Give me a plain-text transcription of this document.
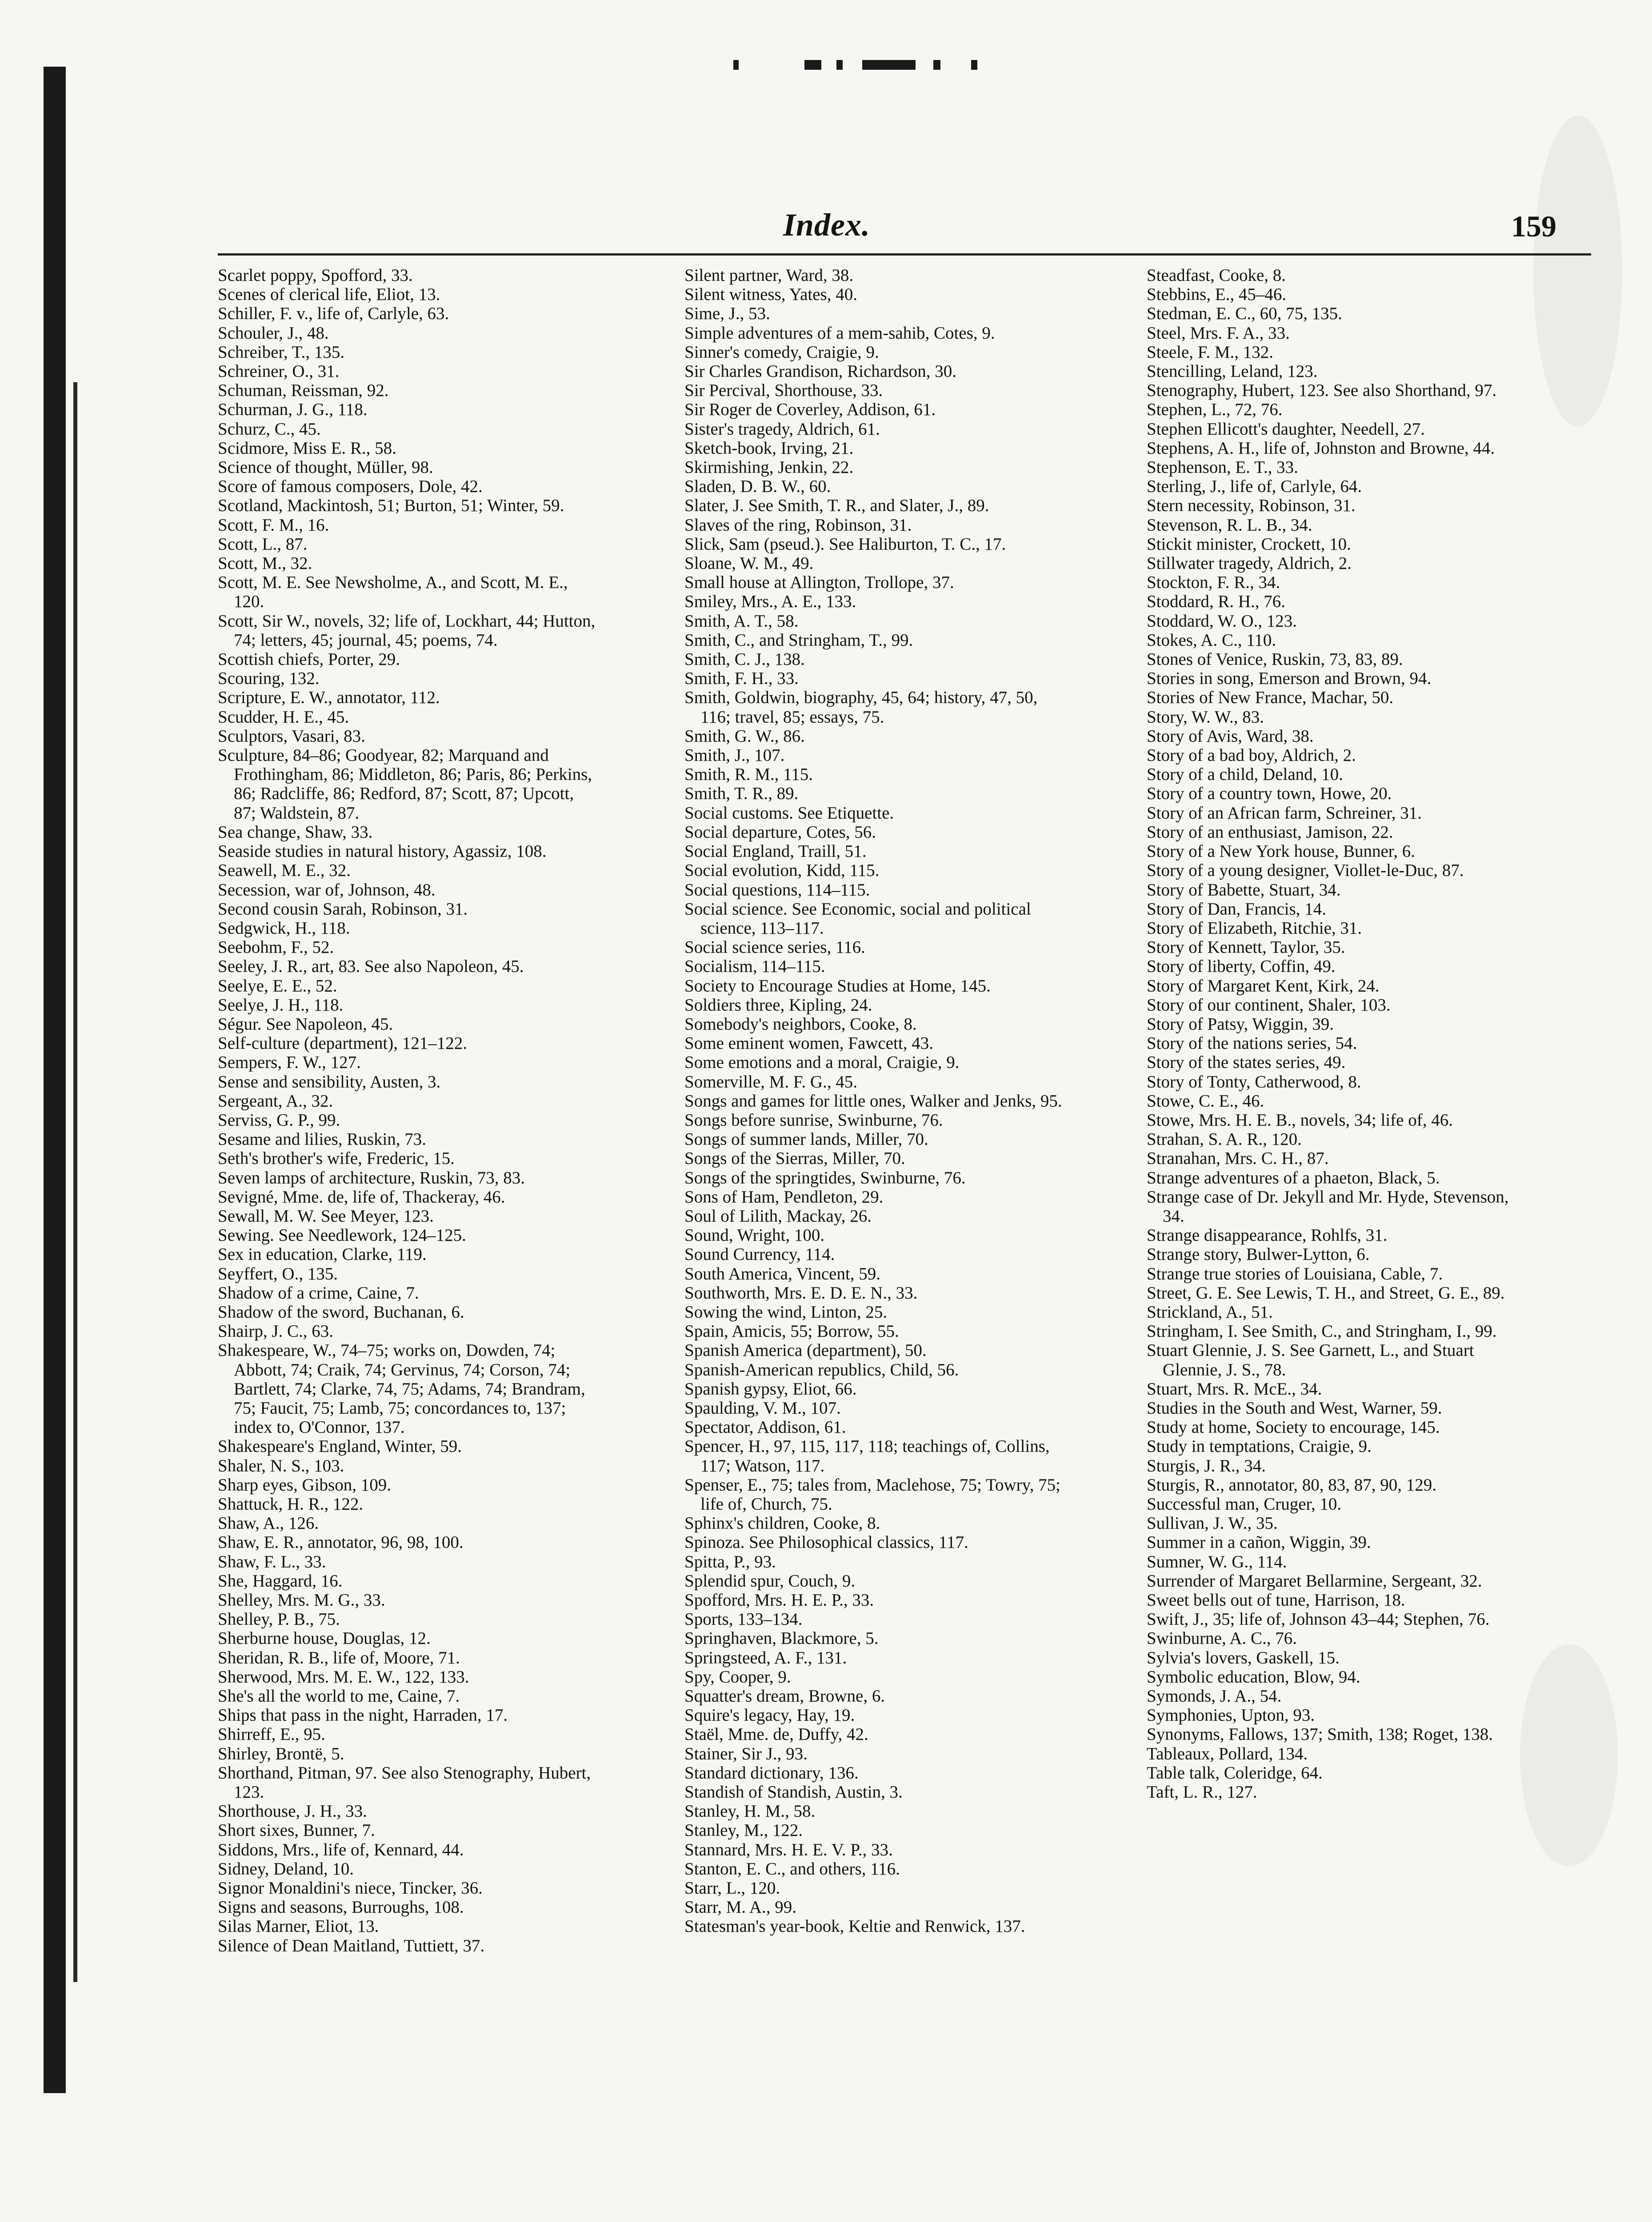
Index.	159

Scarlet poppy, Spofford, 33.

Scenes of clerical life, Eliot, 13.

Schiller, F. v., life of, Carlyle, 63.

Schouler, J., 48.

Schreiber, T., 135.

Schreiner, O., 31.

Schuman, Reissman, 92.

Schurman, J. G., 118.

Schurz, C., 45.

Scidmore, Miss E. R., 58.

Science of thought, Müller, 98.

Score of famous composers, Dole, 42.

Scotland, Mackintosh, 51; Burton, 51; Winter, 59.

Scott, F. M., 16.

Scott, L., 87.

Scott, M., 32.

Scott, M. E. See Newsholme, A., and Scott, M. E., 120.

Scott, Sir W., novels, 32; life of, Lockhart, 44; Hutton, 74; letters, 45; journal, 45; poems, 74.

Scottish chiefs, Porter, 29.

Scouring, 132.

Scripture, E. W., annotator, 112.

Scudder, H. E., 45.

Sculptors, Vasari, 83.

Sculpture, 84–86; Goodyear, 82; Marquand and Frothingham, 86; Middleton, 86; Paris, 86; Perkins, 86; Radcliffe, 86; Redford, 87; Scott, 87; Upcott, 87; Waldstein, 87.

Sea change, Shaw, 33.

Seaside studies in natural history, Agassiz, 108.

Seawell, M. E., 32.

Secession, war of, Johnson, 48.

Second cousin Sarah, Robinson, 31.

Sedgwick, H., 118.

Seebohm, F., 52.

Seeley, J. R., art, 83. See also Napoleon, 45.

Seelye, E. E., 52.

Seelye, J. H., 118.

Ségur. See Napoleon, 45.

Self-culture (department), 121–122.

Sempers, F. W., 127.

Sense and sensibility, Austen, 3.

Sergeant, A., 32.

Serviss, G. P., 99.

Sesame and lilies, Ruskin, 73.

Seth's brother's wife, Frederic, 15.

Seven lamps of architecture, Ruskin, 73, 83.

Sevigné, Mme. de, life of, Thackeray, 46.

Sewall, M. W. See Meyer, 123.

Sewing. See Needlework, 124–125.

Sex in education, Clarke, 119.

Seyffert, O., 135.

Shadow of a crime, Caine, 7.

Shadow of the sword, Buchanan, 6.

Shairp, J. C., 63.

Shakespeare, W., 74–75; works on, Dowden, 74; Abbott, 74; Craik, 74; Gervinus, 74; Corson, 74; Bartlett, 74; Clarke, 74, 75; Adams, 74; Brandram, 75; Faucit, 75; Lamb, 75; concordances to, 137; index to, O'Connor, 137.

Shakespeare's England, Winter, 59.

Shaler, N. S., 103.

Sharp eyes, Gibson, 109.

Shattuck, H. R., 122.

Shaw, A., 126.

Shaw, E. R., annotator, 96, 98, 100.

Shaw, F. L., 33.

She, Haggard, 16.

Shelley, Mrs. M. G., 33.

Shelley, P. B., 75.

Sherburne house, Douglas, 12.

Sheridan, R. B., life of, Moore, 71.

Sherwood, Mrs. M. E. W., 122, 133.

She's all the world to me, Caine, 7.

Ships that pass in the night, Harraden, 17.

Shirreff, E., 95.

Shirley, Brontë, 5.

Shorthand, Pitman, 97. See also Stenography, Hubert, 123.

Shorthouse, J. H., 33.

Short sixes, Bunner, 7.

Siddons, Mrs., life of, Kennard, 44.

Sidney, Deland, 10.

Signor Monaldini's niece, Tincker, 36.

Signs and seasons, Burroughs, 108.

Silas Marner, Eliot, 13.

Silence of Dean Maitland, Tuttiett, 37.

Silent partner, Ward, 38.

Silent witness, Yates, 40.

Sime, J., 53.

Simple adventures of a mem-sahib, Cotes, 9.

Sinner's comedy, Craigie, 9.

Sir Charles Grandison, Richardson, 30.

Sir Percival, Shorthouse, 33.

Sir Roger de Coverley, Addison, 61.

Sister's tragedy, Aldrich, 61.

Sketch-book, Irving, 21.

Skirmishing, Jenkin, 22.

Sladen, D. B. W., 60.

Slater, J. See Smith, T. R., and Slater, J., 89.

Slaves of the ring, Robinson, 31.

Slick, Sam (pseud.). See Haliburton, T. C., 17.

Sloane, W. M., 49.

Small house at Allington, Trollope, 37.

Smiley, Mrs., A. E., 133.

Smith, A. T., 58.

Smith, C., and Stringham, T., 99.

Smith, C. J., 138.

Smith, F. H., 33.

Smith, Goldwin, biography, 45, 64; history, 47, 50, 116; travel, 85; essays, 75.

Smith, G. W., 86.

Smith, J., 107.

Smith, R. M., 115.

Smith, T. R., 89.

Social customs. See Etiquette.

Social departure, Cotes, 56.

Social England, Traill, 51.

Social evolution, Kidd, 115.

Social questions, 114–115.

Social science. See Economic, social and political science, 113–117.

Social science series, 116.

Socialism, 114–115.

Society to Encourage Studies at Home, 145.

Soldiers three, Kipling, 24.

Somebody's neighbors, Cooke, 8.

Some eminent women, Fawcett, 43.

Some emotions and a moral, Craigie, 9.

Somerville, M. F. G., 45.

Songs and games for little ones, Walker and Jenks, 95.

Songs before sunrise, Swinburne, 76.

Songs of summer lands, Miller, 70.

Songs of the Sierras, Miller, 70.

Songs of the springtides, Swinburne, 76.

Sons of Ham, Pendleton, 29.

Soul of Lilith, Mackay, 26.

Sound, Wright, 100.

Sound Currency, 114.

South America, Vincent, 59.

Southworth, Mrs. E. D. E. N., 33.

Sowing the wind, Linton, 25.

Spain, Amicis, 55; Borrow, 55.

Spanish America (department), 50.

Spanish-American republics, Child, 56.

Spanish gypsy, Eliot, 66.

Spaulding, V. M., 107.

Spectator, Addison, 61.

Spencer, H., 97, 115, 117, 118; teachings of, Collins, 117; Watson, 117.

Spenser, E., 75; tales from, Maclehose, 75; Towry, 75; life of, Church, 75.

Sphinx's children, Cooke, 8.

Spinoza. See Philosophical classics, 117.

Spitta, P., 93.

Splendid spur, Couch, 9.

Spofford, Mrs. H. E. P., 33.

Sports, 133–134.

Springhaven, Blackmore, 5.

Springsteed, A. F., 131.

Spy, Cooper, 9.

Squatter's dream, Browne, 6.

Squire's legacy, Hay, 19.

Staël, Mme. de, Duffy, 42.

Stainer, Sir J., 93.

Standard dictionary, 136.

Standish of Standish, Austin, 3.

Stanley, H. M., 58.

Stanley, M., 122.

Stannard, Mrs. H. E. V. P., 33.

Stanton, E. C., and others, 116.

Starr, L., 120.

Starr, M. A., 99.

Statesman's year-book, Keltie and Renwick, 137.

Steadfast, Cooke, 8.

Stebbins, E., 45–46.

Stedman, E. C., 60, 75, 135.

Steel, Mrs. F. A., 33.

Steele, F. M., 132.

Stencilling, Leland, 123.

Stenography, Hubert, 123. See also Shorthand, 97.

Stephen, L., 72, 76.

Stephen Ellicott's daughter, Needell, 27.

Stephens, A. H., life of, Johnston and Browne, 44.

Stephenson, E. T., 33.

Sterling, J., life of, Carlyle, 64.

Stern necessity, Robinson, 31.

Stevenson, R. L. B., 34.

Stickit minister, Crockett, 10.

Stillwater tragedy, Aldrich, 2.

Stockton, F. R., 34.

Stoddard, R. H., 76.

Stoddard, W. O., 123.

Stokes, A. C., 110.

Stones of Venice, Ruskin, 73, 83, 89.

Stories in song, Emerson and Brown, 94.

Stories of New France, Machar, 50.

Story, W. W., 83.

Story of Avis, Ward, 38.

Story of a bad boy, Aldrich, 2.

Story of a child, Deland, 10.

Story of a country town, Howe, 20.

Story of an African farm, Schreiner, 31.

Story of an enthusiast, Jamison, 22.

Story of a New York house, Bunner, 6.

Story of a young designer, Viollet-le-Duc, 87.

Story of Babette, Stuart, 34.

Story of Dan, Francis, 14.

Story of Elizabeth, Ritchie, 31.

Story of Kennett, Taylor, 35.

Story of liberty, Coffin, 49.

Story of Margaret Kent, Kirk, 24.

Story of our continent, Shaler, 103.

Story of Patsy, Wiggin, 39.

Story of the nations series, 54.

Story of the states series, 49.

Story of Tonty, Catherwood, 8.

Stowe, C. E., 46.

Stowe, Mrs. H. E. B., novels, 34; life of, 46.

Strahan, S. A. R., 120.

Stranahan, Mrs. C. H., 87.

Strange adventures of a phaeton, Black, 5.

Strange case of Dr. Jekyll and Mr. Hyde, Stevenson, 34.

Strange disappearance, Rohlfs, 31.

Strange story, Bulwer-Lytton, 6.

Strange true stories of Louisiana, Cable, 7.

Street, G. E. See Lewis, T. H., and Street, G. E., 89.

Strickland, A., 51.

Stringham, I. See Smith, C., and Stringham, I., 99.

Stuart Glennie, J. S. See Garnett, L., and Stuart Glennie, J. S., 78.

Stuart, Mrs. R. McE., 34.

Studies in the South and West, Warner, 59.

Study at home, Society to encourage, 145.

Study in temptations, Craigie, 9.

Sturgis, J. R., 34.

Sturgis, R., annotator, 80, 83, 87, 90, 129.

Successful man, Cruger, 10.

Sullivan, J. W., 35.

Summer in a cañon, Wiggin, 39.

Sumner, W. G., 114.

Surrender of Margaret Bellarmine, Sergeant, 32.

Sweet bells out of tune, Harrison, 18.

Swift, J., 35; life of, Johnson 43–44; Stephen, 76.

Swinburne, A. C., 76.

Sylvia's lovers, Gaskell, 15.

Symbolic education, Blow, 94.

Symonds, J. A., 54.

Symphonies, Upton, 93.

Synonyms, Fallows, 137; Smith, 138; Roget, 138.

Tableaux, Pollard, 134.

Table talk, Coleridge, 64.

Taft, L. R., 127.
